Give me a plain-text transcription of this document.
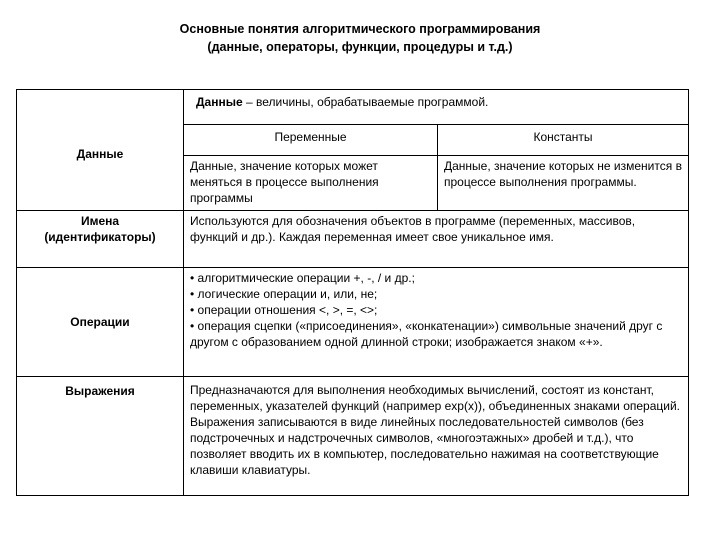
Основные понятия алгоритмического программирования
(данные, операторы, функции, процедуры и т.д.)
Данные	Данные – величины, обрабатываемые программой.	
	Переменные	Константы
	Данные, значение которых может меняться в процессе выполнения программы	Данные, значение которых не изменится в процессе выполнения программы.

Имена
(идентификаторы)	Используются для обозначения объектов в программе (переменных, массивов, функций и др.). Каждая переменная имеет свое уникальное имя.	
Операции	• алгоритмические операции +, -, / и др.;
• логические операции и, или, не;
• операции отношения <, >, =, <>;
• операция сцепки («присоединения», «конкатенации») символьные значений друг с другом с образованием одной длинной строки; изображается знаком «+».	

Выражения	Предназначаются для выполнения необходимых вычислений, состоят из констант, переменных, указателей функций (например exp(x)), объединенных знаками операций.
Выражения записываются в виде линейных последовательностей символов (без подстрочечных и надстрочечных символов, «многоэтажных» дробей и т.д.), что позволяет вводить их в компьютер, последовательно нажимая на соответствующие клавиши клавиатуры.	
